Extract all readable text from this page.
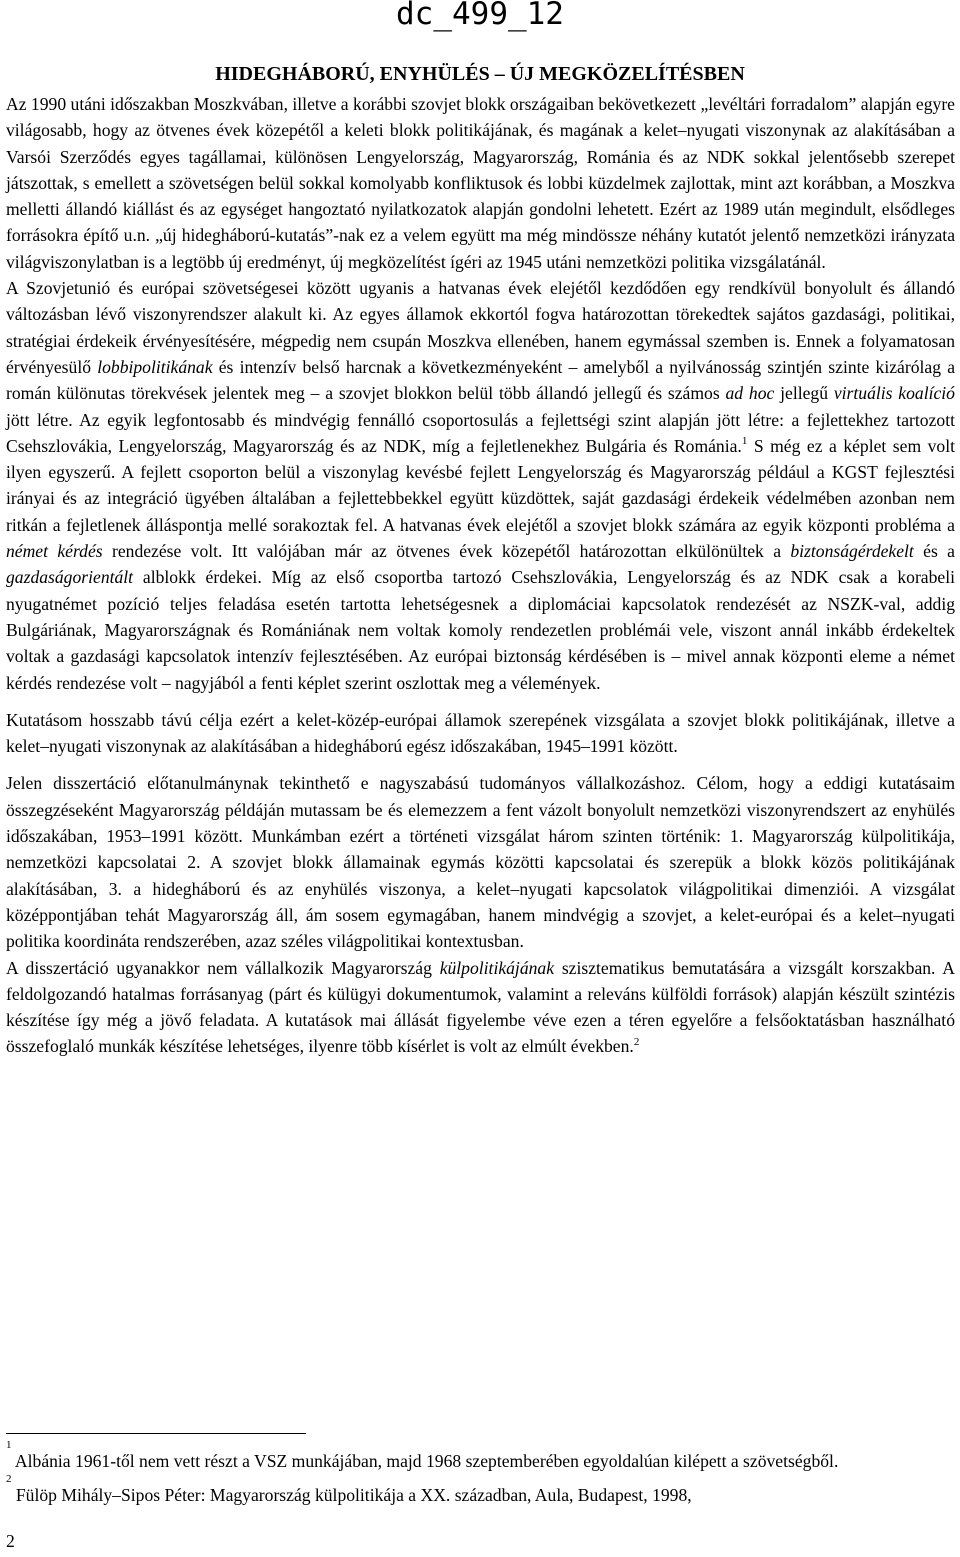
dc_499_12
HIDEGHÁBORÚ, ENYHÜLÉS – ÚJ MEGKÖZELÍTÉSBEN

Az 1990 utáni időszakban Moszkvában, illetve a korábbi szovjet blokk országaiban bekövetkezett „levéltári forradalom” alapján egyre világosabb, hogy az ötvenes évek közepétől a keleti blokk politikájának, és magának a kelet–nyugati viszonynak az alakításában a Varsói Szerződés egyes tagállamai, különösen Lengyelország, Magyarország, Románia és az NDK sokkal jelentősebb szerepet játszottak, s emellett a szövetségen belül sokkal komolyabb konfliktusok és lobbi küzdelmek zajlottak, mint azt korábban, a Moszkva melletti állandó kiállást és az egységet hangoztató nyilatkozatok alapján gondolni lehetett. Ezért az 1989 után megindult, elsődleges forrásokra építő u.n. „új hidegháború-kutatás”-nak ez a velem együtt ma még mindössze néhány kutatót jelentő nemzetközi irányzata világviszonylatban is a legtöbb új eredményt, új megközelítést ígéri az 1945 utáni nemzetközi politika vizsgálatánál.

A Szovjetunió és európai szövetségesei között ugyanis a hatvanas évek elejétől kezdődően egy rendkívül bonyolult és állandó változásban lévő viszonyrendszer alakult ki. Az egyes államok ekkortól fogva határozottan törekedtek sajátos gazdasági, politikai, stratégiai érdekeik érvényesítésére, mégpedig nem csupán Moszkva ellenében, hanem egymással szemben is. Ennek a folyamatosan érvényesülő lobbipolitikának és intenzív belső harcnak a következményeként – amelyből a nyilvánosság szintjén szinte kizárólag a román különutas törekvések jelentek meg – a szovjet blokkon belül több állandó jellegű és számos ad hoc jellegű virtuális koalíció jött létre. Az egyik legfontosabb és mindvégig fennálló csoportosulás a fejlettségi szint alapján jött létre: a fejlettekhez tartozott Csehszlovákia, Lengyelország, Magyarország és az NDK, míg a fejletlenekhez Bulgária és Románia.$^1$ S még ez a képlet sem volt ilyen egyszerű. A fejlett csoporton belül a viszonylag kevésbé fejlett Lengyelország és Magyarország például a KGST fejlesztési irányai és az integráció ügyében általában a fejlettebbekkel együtt küzdöttek, saját gazdasági érdekeik védelmében azonban nem ritkán a fejletlenek álláspontja mellé sorakoztak fel. A hatvanas évek elejétől a szovjet blokk számára az egyik központi probléma a német kérdés rendezése volt. Itt valójában már az ötvenes évek közepétől határozottan elkülönültek a biztonságérdekelt és a gazdaságorientált alblokk érdekei. Míg az első csoportba tartozó Csehszlovákia, Lengyelország és az NDK csak a korabeli nyugatnémet pozíció teljes feladása esetén tartotta lehetségesnek a diplomáciai kapcsolatok rendezését az NSZK-val, addig Bulgáriának, Magyarországnak és Romániának nem voltak komoly rendezetlen problémái vele, viszont annál inkább érdekeltek voltak a gazdasági kapcsolatok intenzív fejlesztésében. Az európai biztonság kérdésében is – mivel annak központi eleme a német kérdés rendezése volt – nagyjából a fenti képlet szerint oszlottak meg a vélemények.

Kutatásom hosszabb távú célja ezért a kelet-közép-európai államok szerepének vizsgálata a szovjet blokk politikájának, illetve a kelet–nyugati viszonynak az alakításában a hidegháború egész időszakában, 1945–1991 között.

Jelen disszertáció előtanulmánynak tekinthető e nagyszabású tudományos vállalkozáshoz. Célom, hogy a eddigi kutatásaim összegzéseként Magyarország példáján mutassam be és elemezzem a fent vázolt bonyolult nemzetközi viszonyrendszert az enyhülés időszakában, 1953–1991 között. Munkámban ezért a történeti vizsgálat három szinten történik: 1. Magyarország külpolitikája, nemzetközi kapcsolatai 2. A szovjet blokk államainak egymás közötti kapcsolatai és szerepük a blokk közös politikájának alakításában, 3. a hidegháború és az enyhülés viszonya, a kelet–nyugati kapcsolatok világpolitikai dimenziói. A vizsgálat középpontjában tehát Magyarország áll, ám sosem egymagában, hanem mindvégig a szovjet, a kelet-európai és a kelet–nyugati politika koordináta rendszerében, azaz széles világpolitikai kontextusban.

A disszertáció ugyanakkor nem vállalkozik Magyarország külpolitikájának szisztematikus bemutatására a vizsgált korszakban. A feldolgozandó hatalmas forrásanyag (párt és külügyi dokumentumok, valamint a releváns külföldi források) alapján készült szintézis készítése így még a jövő feladata. A kutatások mai állását figyelembe véve ezen a téren egyelőre a felsőoktatásban használható összefoglaló munkák készítése lehetséges, ilyenre több kísérlet is volt az elmúlt években.$^2$

$^1$ Albánia 1961-től nem vett részt a VSZ munkájában, majd 1968 szeptemberében egyoldalúan kilépett a szövetségből.

$^2$ Fülöp Mihály–Sipos Péter: Magyarország külpolitikája a XX. században, Aula, Budapest, 1998,

2
